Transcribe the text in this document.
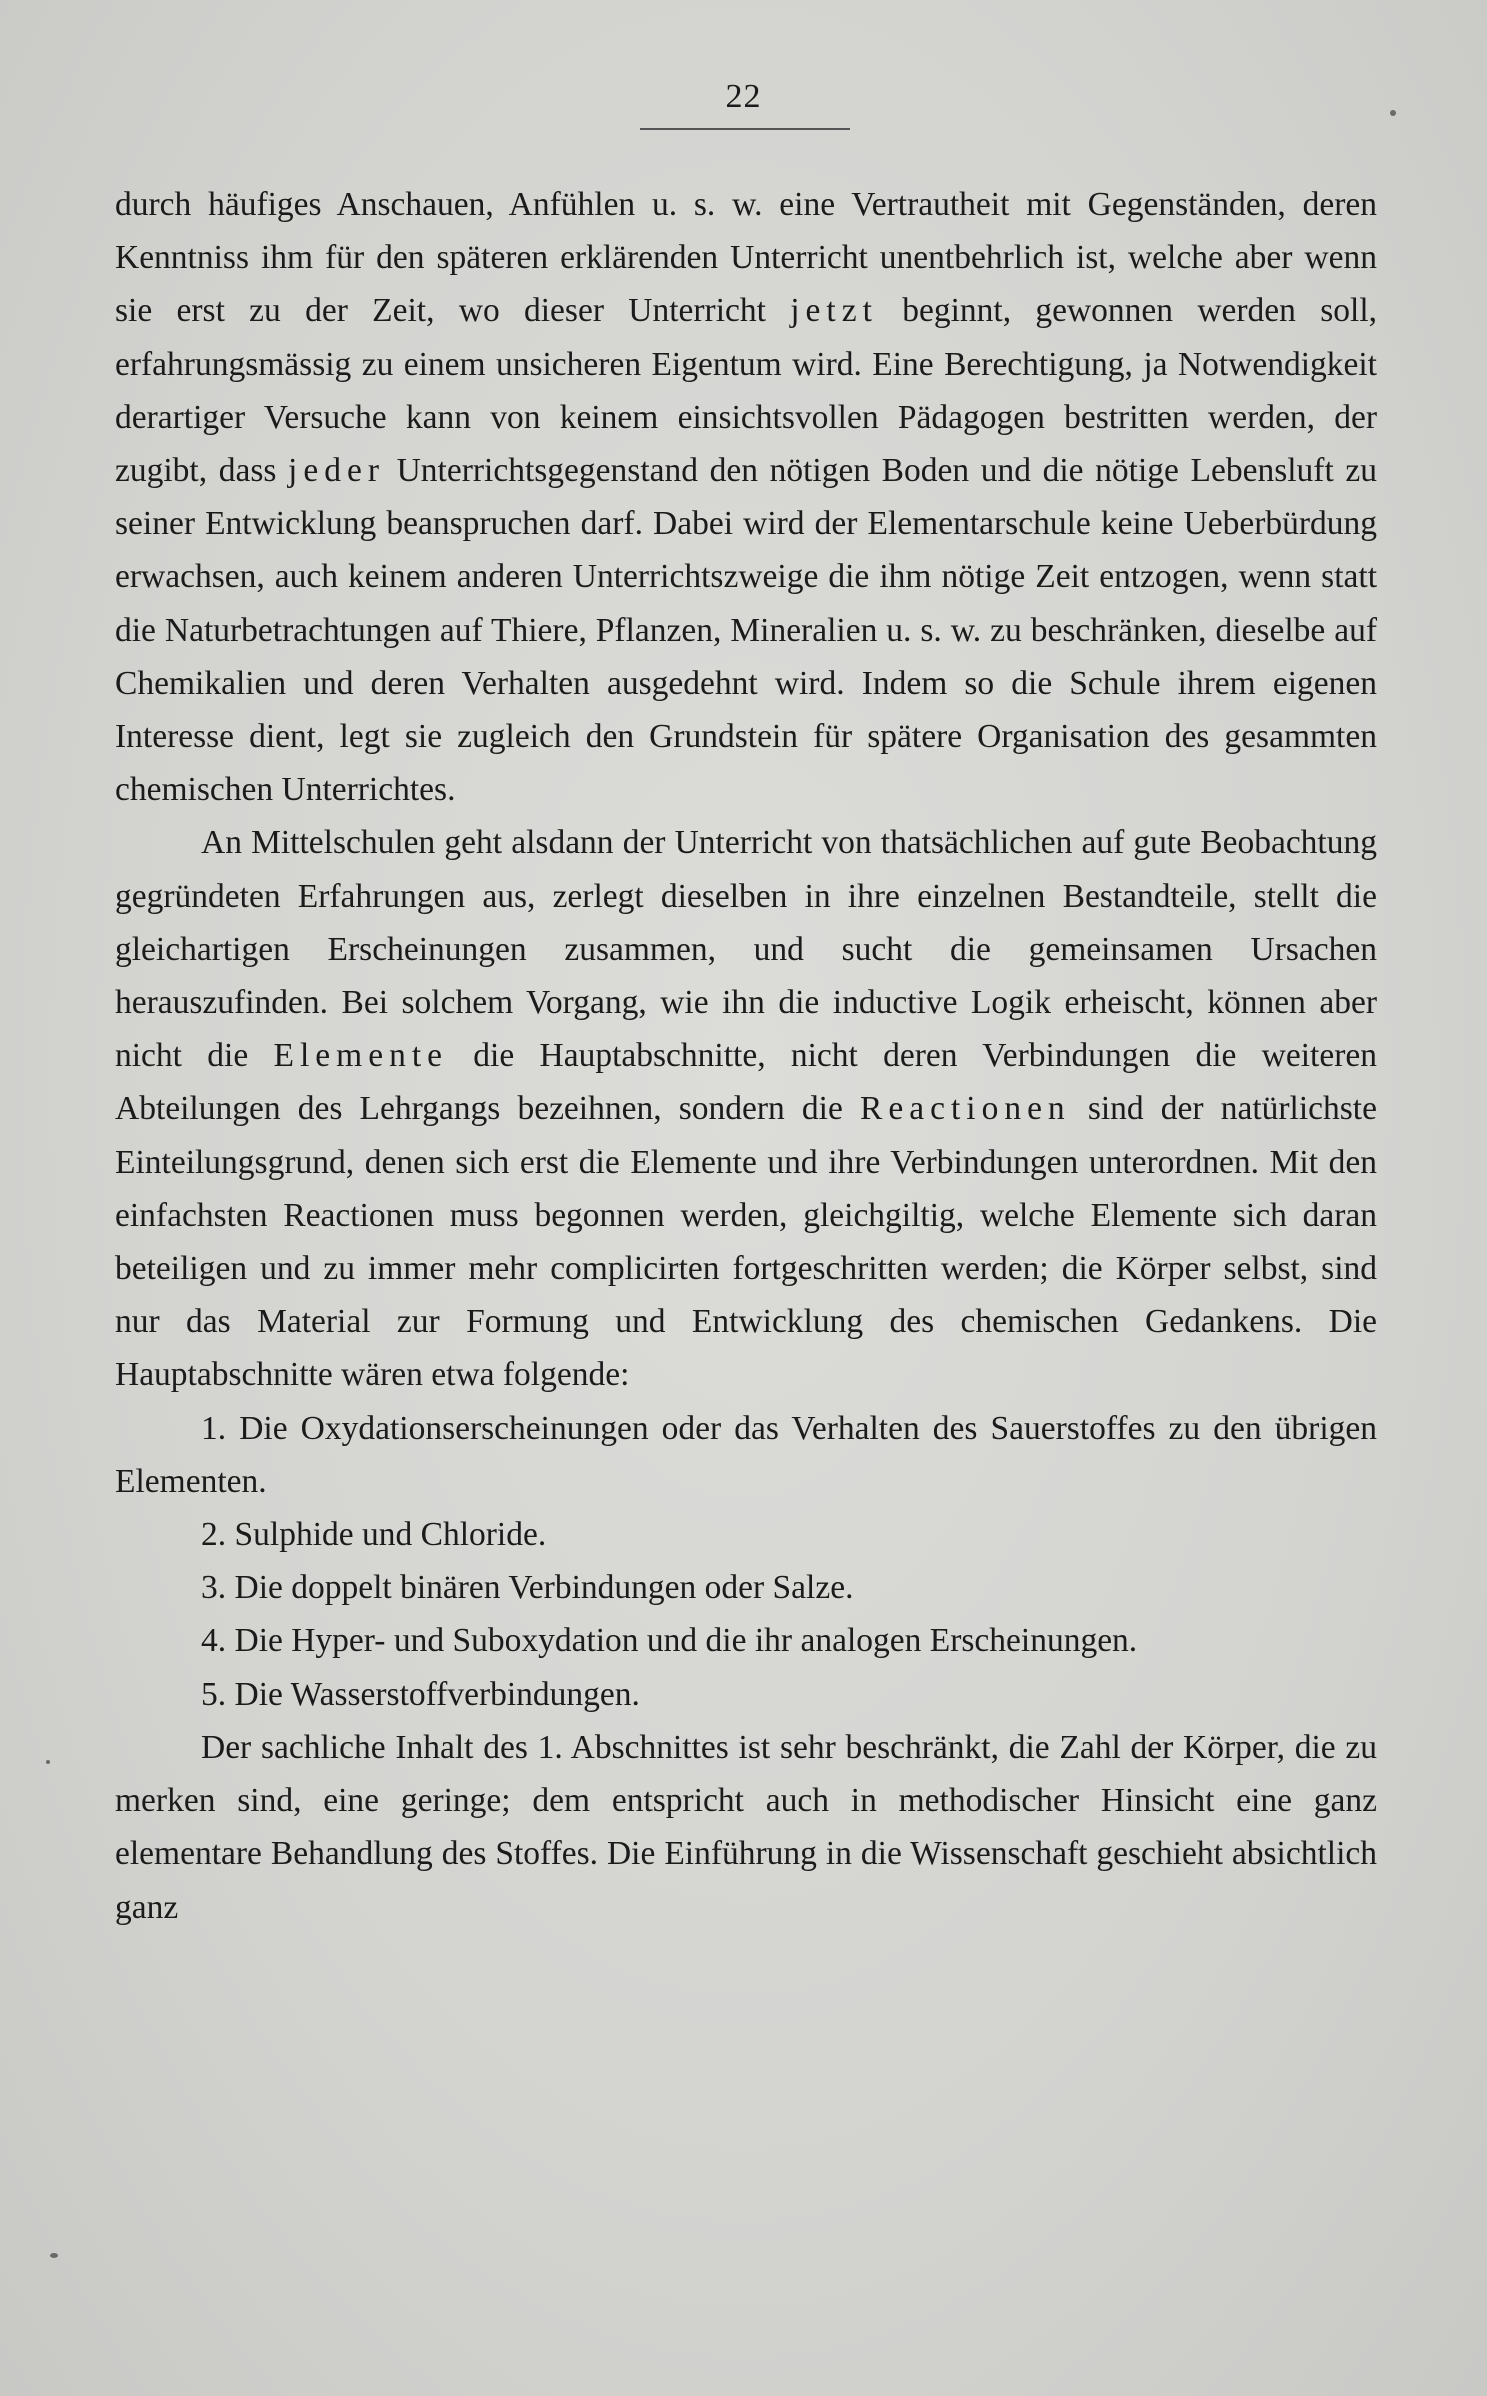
22

durch häufiges Anschauen, Anfühlen u. s. w. eine Vertrautheit mit Gegenständen, deren Kenntniss ihm für den späteren erklärenden Unterricht unentbehrlich ist, welche aber wenn sie erst zu der Zeit, wo dieser Unterricht jetzt beginnt, gewonnen werden soll, erfahrungsmässig zu einem unsicheren Eigentum wird. Eine Berechtigung, ja Notwendigkeit derartiger Versuche kann von keinem einsichtsvollen Pädagogen bestritten werden, der zugibt, dass jeder Unterrichtsgegenstand den nötigen Boden und die nötige Lebensluft zu seiner Entwicklung beanspruchen darf. Dabei wird der Elementarschule keine Ueberbürdung erwachsen, auch keinem anderen Unterrichtszweige die ihm nötige Zeit entzogen, wenn statt die Naturbetrachtungen auf Thiere, Pflanzen, Mineralien u. s. w. zu beschränken, dieselbe auf Chemikalien und deren Verhalten ausgedehnt wird. Indem so die Schule ihrem eigenen Interesse dient, legt sie zugleich den Grundstein für spätere Organisation des gesammten chemischen Unterrichtes.

An Mittelschulen geht alsdann der Unterricht von thatsächlichen auf gute Beobachtung gegründeten Erfahrungen aus, zerlegt dieselben in ihre einzelnen Bestandteile, stellt die gleichartigen Erscheinungen zusammen, und sucht die gemeinsamen Ursachen herauszufinden. Bei solchem Vorgang, wie ihn die inductive Logik erheischt, können aber nicht die Elemente die Hauptabschnitte, nicht deren Verbindungen die weiteren Abteilungen des Lehrgangs bezeihnen, sondern die Reactionen sind der natürlichste Einteilungsgrund, denen sich erst die Elemente und ihre Verbindungen unterordnen. Mit den einfachsten Reactionen muss begonnen werden, gleichgiltig, welche Elemente sich daran beteiligen und zu immer mehr complicirten fortgeschritten werden; die Körper selbst, sind nur das Material zur Formung und Entwicklung des chemischen Gedankens. Die Hauptabschnitte wären etwa folgende:

1. Die Oxydationserscheinungen oder das Verhalten des Sauerstoffes zu den übrigen Elementen.

2. Sulphide und Chloride.

3. Die doppelt binären Verbindungen oder Salze.

4. Die Hyper- und Suboxydation und die ihr analogen Erscheinungen.

5. Die Wasserstoffverbindungen.

Der sachliche Inhalt des 1. Abschnittes ist sehr beschränkt, die Zahl der Körper, die zu merken sind, eine geringe; dem entspricht auch in methodischer Hinsicht eine ganz elementare Behandlung des Stoffes. Die Einführung in die Wissenschaft geschieht absichtlich ganz
